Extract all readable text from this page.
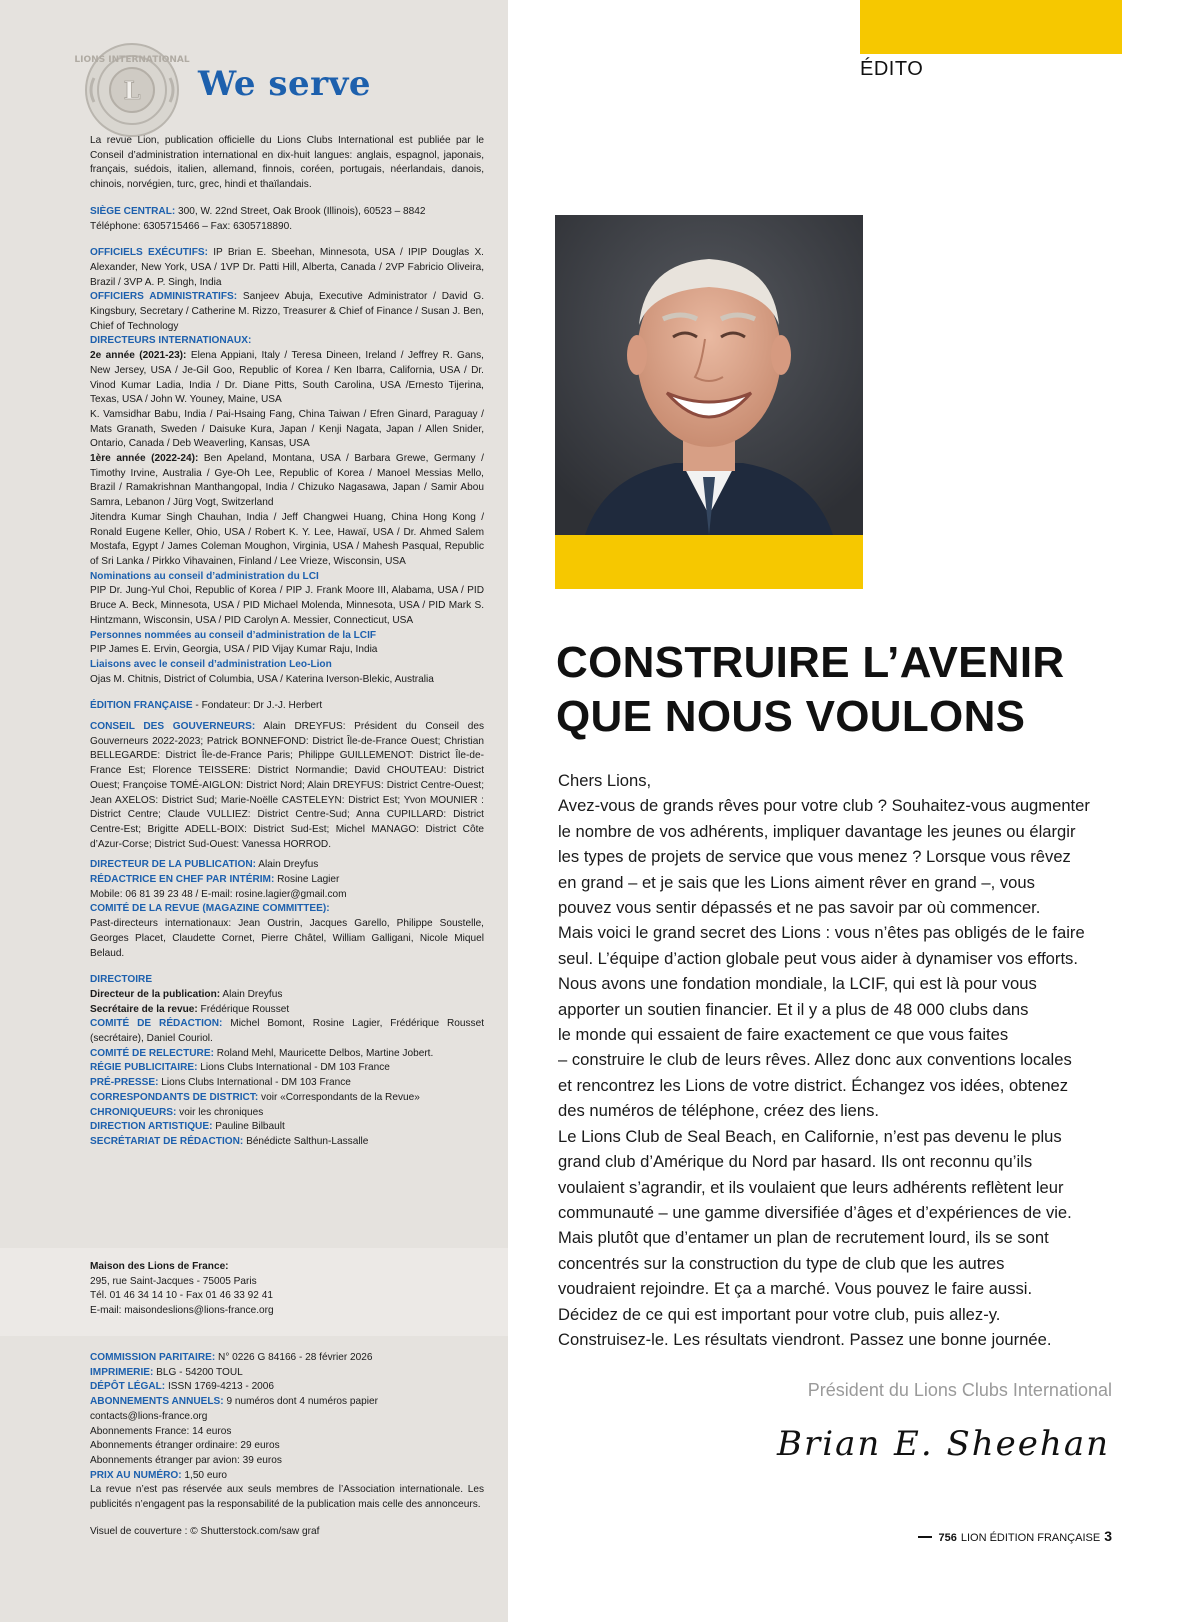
L
LIONS INTERNATIONAL
We serve

La revue Lion, publication officielle du Lions Clubs International est publiée par le Conseil d’administration international en dix-huit langues: anglais, espagnol, japonais, français, suédois, italien, allemand, finnois, coréen, portugais, néerlandais, danois, chinois, norvégien, turc, grec, hindi et thaïlandais.

SIÈGE CENTRAL: 300, W. 22nd Street, Oak Brook (Illinois), 60523 – 8842

Téléphone: 6305715466 – Fax: 6305718890.

OFFICIELS EXÉCUTIFS: IP Brian E. Sbeehan, Minnesota, USA / IPIP Douglas X. Alexander, New York, USA / 1VP Dr. Patti Hill, Alberta, Canada / 2VP Fabricio Oliveira, Brazil / 3VP A. P. Singh, India

OFFICIERS ADMINISTRATIFS: Sanjeev Abuja, Executive Administrator / David G. Kingsbury, Secretary / Catherine M. Rizzo, Treasurer & Chief of Finance / Susan J. Ben, Chief of Technology

DIRECTEURS INTERNATIONAUX:

2e année (2021-23): Elena Appiani, Italy / Teresa Dineen, Ireland / Jeffrey R. Gans, New Jersey, USA / Je-Gil Goo, Republic of Korea / Ken Ibarra, California, USA / Dr. Vinod Kumar Ladia, India / Dr. Diane Pitts, South Carolina, USA /Ernesto Tijerina, Texas, USA / John W. Youney, Maine, USA

K. Vamsidhar Babu, India / Pai-Hsaing Fang, China Taiwan / Efren Ginard, Paraguay / Mats Granath, Sweden / Daisuke Kura, Japan / Kenji Nagata, Japan / Allen Snider, Ontario, Canada / Deb Weaverling, Kansas, USA

1ère année (2022-24): Ben Apeland, Montana, USA / Barbara Grewe, Germany / Timothy Irvine, Australia / Gye-Oh Lee, Republic of Korea / Manoel Messias Mello, Brazil / Ramakrishnan Manthangopal, India / Chizuko Nagasawa, Japan / Samir Abou Samra, Lebanon / Jürg Vogt, Switzerland

Jitendra Kumar Singh Chauhan, India / Jeff Changwei Huang, China Hong Kong / Ronald Eugene Keller, Ohio, USA / Robert K. Y. Lee, Hawaï, USA / Dr. Ahmed Salem Mostafa, Egypt / James Coleman Moughon, Virginia, USA / Mahesh Pasqual, Republic of Sri Lanka / Pirkko Vihavainen, Finland / Lee Vrieze, Wisconsin, USA

Nominations au conseil d’administration du LCI

PIP Dr. Jung-Yul Choi, Republic of Korea / PIP J. Frank Moore III, Alabama, USA / PID Bruce A. Beck, Minnesota, USA / PID Michael Molenda, Minnesota, USA / PID Mark S. Hintzmann, Wisconsin, USA / PID Carolyn A. Messier, Connecticut, USA

Personnes nommées au conseil d’administration de la LCIF

PIP James E. Ervin, Georgia, USA / PID Vijay Kumar Raju, India

Liaisons avec le conseil d’administration Leo-Lion

Ojas M. Chitnis, District of Columbia, USA / Katerina Iverson-Blekic, Australia

ÉDITION FRANÇAISE - Fondateur: Dr J.-J. Herbert

CONSEIL DES GOUVERNEURS: Alain DREYFUS: Président du Conseil des Gouverneurs 2022-2023; Patrick BONNEFOND: District Île-de-France Ouest; Christian BELLEGARDE: District Île-de-France Paris; Philippe GUILLEMENOT: District Île-de-France Est; Florence TEISSERE: District Normandie; David CHOUTEAU: District Ouest; Françoise TOMÉ-AIGLON: District Nord; Alain DREYFUS: District Centre-Ouest; Jean AXELOS: District Sud; Marie-Noëlle CASTELEYN: District Est; Yvon MOUNIER : District Centre; Claude VULLIEZ: District Centre-Sud; Anna CUPILLARD: District Centre-Est; Brigitte ADELL-BOIX: District Sud-Est; Michel MANAGO: District Côte d’Azur-Corse; District Sud-Ouest: Vanessa HORROD.

DIRECTEUR DE LA PUBLICATION: Alain Dreyfus

RÉDACTRICE EN CHEF PAR INTÉRIM: Rosine Lagier

Mobile: 06 81 39 23 48 / E-mail: rosine.lagier@gmail.com

COMITÉ DE LA REVUE (MAGAZINE COMMITTEE):

Past-directeurs internationaux: Jean Oustrin, Jacques Garello, Philippe Soustelle, Georges Placet, Claudette Cornet, Pierre Châtel, William Galligani, Nicole Miquel Belaud.

DIRECTOIRE

Directeur de la publication: Alain Dreyfus

Secrétaire de la revue: Frédérique Rousset

COMITÉ DE RÉDACTION: Michel Bomont, Rosine Lagier, Frédérique Rousset (secrétaire), Daniel Couriol.

COMITÉ DE RELECTURE: Roland Mehl, Mauricette Delbos, Martine Jobert.

RÉGIE PUBLICITAIRE: Lions Clubs International - DM 103 France

PRÉ-PRESSE: Lions Clubs International - DM 103 France

CORRESPONDANTS DE DISTRICT: voir «Correspondants de la Revue»

CHRONIQUEURS: voir les chroniques

DIRECTION ARTISTIQUE: Pauline Bilbault

SECRÉTARIAT DE RÉDACTION: Bénédicte Salthun-Lassalle

Maison des Lions de France:

295, rue Saint-Jacques - 75005 Paris

Tél. 01 46 34 14 10 - Fax 01 46 33 92 41

E-mail: maisondeslions@lions-france.org

COMMISSION PARITAIRE: N° 0226 G 84166 - 28 février 2026

IMPRIMERIE: BLG - 54200 TOUL

DÉPÔT LÉGAL: ISSN 1769-4213 - 2006

ABONNEMENTS ANNUELS: 9 numéros dont 4 numéros papier

contacts@lions-france.org

Abonnements France: 14 euros

Abonnements étranger ordinaire: 29 euros

Abonnements étranger par avion: 39 euros

PRIX AU NUMÉRO: 1,50 euro

La revue n’est pas réservée aux seuls membres de l’Association internationale. Les publicités n’engagent pas la responsabilité de la publication mais celle des annonceurs.

Visuel de couverture : © Shutterstock.com/saw graf

ÉDITO

CONSTRUIRE L’AVENIR

QUE NOUS VOULONS

Chers Lions,

Avez-vous de grands rêves pour votre club ? Souhaitez-vous augmenter

le nombre de vos adhérents, impliquer davantage les jeunes ou élargir

les types de projets de service que vous menez ? Lorsque vous rêvez

en grand – et je sais que les Lions aiment rêver en grand –, vous

pouvez vous sentir dépassés et ne pas savoir par où commencer.

Mais voici le grand secret des Lions : vous n’êtes pas obligés de le faire

seul. L’équipe d’action globale peut vous aider à dynamiser vos efforts.

Nous avons une fondation mondiale, la LCIF, qui est là pour vous

apporter un soutien financier. Et il y a plus de 48 000 clubs dans

le monde qui essaient de faire exactement ce que vous faites

– construire le club de leurs rêves. Allez donc aux conventions locales

et rencontrez les Lions de votre district. Échangez vos idées, obtenez

des numéros de téléphone, créez des liens.

Le Lions Club de Seal Beach, en Californie, n’est pas devenu le plus

grand club d’Amérique du Nord par hasard. Ils ont reconnu qu’ils

voulaient s’agrandir, et ils voulaient que leurs adhérents reflètent leur

communauté – une gamme diversifiée d’âges et d’expériences de vie.

Mais plutôt que d’entamer un plan de recrutement lourd, ils se sont

concentrés sur la construction du type de club que les autres

voudraient rejoindre. Et ça a marché. Vous pouvez le faire aussi.

Décidez de ce qui est important pour votre club, puis allez-y.

Construisez-le. Les résultats viendront. Passez une bonne journée.

Président du Lions Clubs International
Brian E. Sheehan
756 LION ÉDITION FRANÇAISE 3
